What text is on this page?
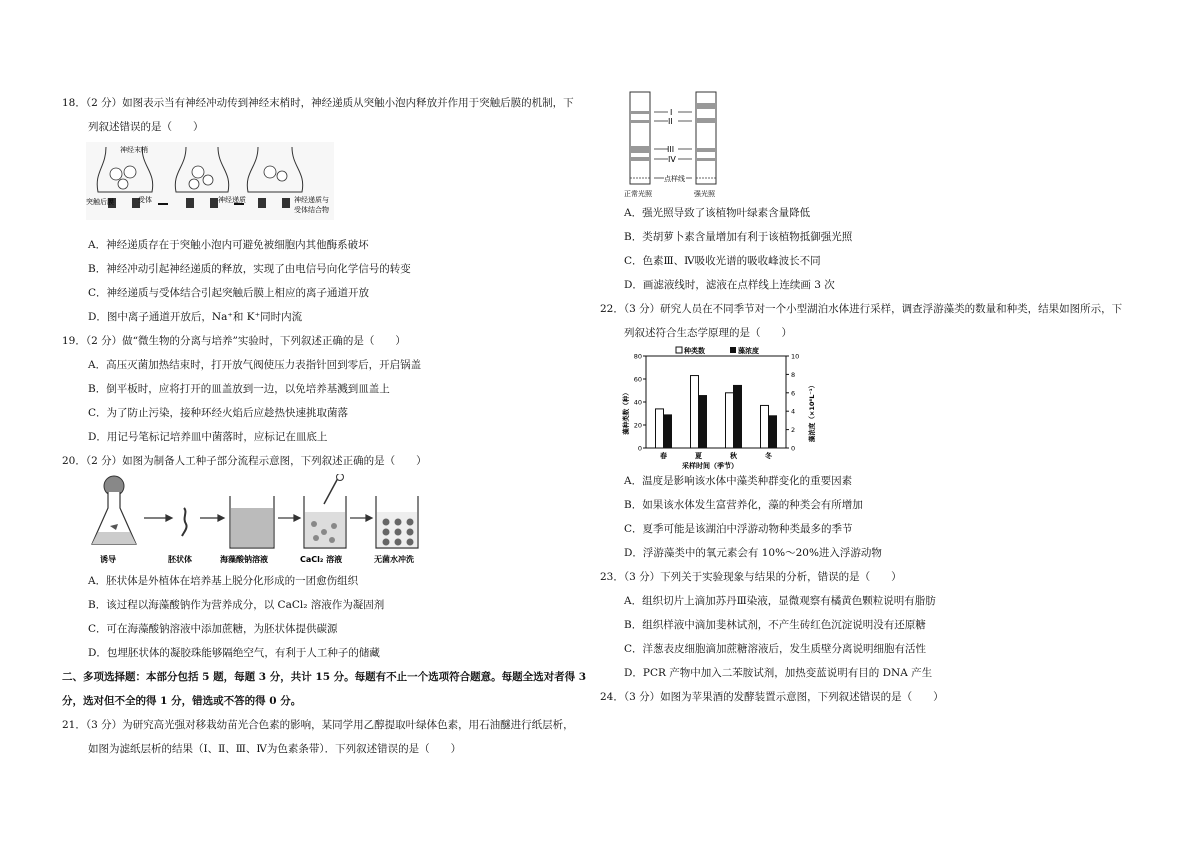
18．（2 分）如图表示当有神经冲动传到神经末梢时，神经递质从突触小泡内释放并作用于突触后膜的机制，下
列叙述错误的是（　　）
神经末梢
突触后膜	受体	神经递质	神经递质与
受体结合物
A．神经递质存在于突触小泡内可避免被细胞内其他酶系破坏
B．神经冲动引起神经递质的释放，实现了由电信号向化学信号的转变
C．神经递质与受体结合引起突触后膜上相应的离子通道开放
D．图中离子通道开放后，Na⁺和 K⁺同时内流
19．（2 分）做“微生物的分离与培养”实验时，下列叙述正确的是（　　）
A．高压灭菌加热结束时，打开放气阀使压力表指针回到零后，开启锅盖
B．倒平板时，应将打开的皿盖放到一边，以免培养基溅到皿盖上
C．为了防止污染，接种环经火焰后应趁热快速挑取菌落
D．用记号笔标记培养皿中菌落时，应标记在皿底上
20．（2 分）如图为制备人工种子部分流程示意图，下列叙述正确的是（　　）
诱导	胚状体	海藻酸钠溶液	CaCl₂ 溶液	无菌水冲洗
A．胚状体是外植体在培养基上脱分化形成的一团愈伤组织
B．该过程以海藻酸钠作为营养成分，以 CaCl₂ 溶液作为凝固剂
C．可在海藻酸钠溶液中添加蔗糖，为胚状体提供碳源
D．包埋胚状体的凝胶珠能够隔绝空气，有利于人工种子的储藏
二、多项选择题：本部分包括 5 题，每题 3 分，共计 15 分。每题有不止一个选项符合题意。每题全选对者得 3
分，选对但不全的得 1 分，错选或不答的得 0 分。
21．（3 分）为研究高光强对移栽幼苗光合色素的影响，某同学用乙醇提取叶绿体色素，用石油醚进行纸层析，
如图为滤纸层析的结果（Ⅰ、Ⅱ、Ⅲ、Ⅳ为色素条带）．下列叙述错误的是（　　）
I
II
III
IV
点样线
正常光照	强光照
A．强光照导致了该植物叶绿素含量降低
B．类胡萝卜素含量增加有利于该植物抵御强光照
C．色素Ⅲ、Ⅳ吸收光谱的吸收峰波长不同
D．画滤液线时，滤液在点样线上连续画 3 次
22．（3 分）研究人员在不同季节对一个小型湖泊水体进行采样，调查浮游藻类的数量和种类，结果如图所示，下
列叙述符合生态学原理的是（　　）
0
20
40
60
80
0
2
4
6
8
10
春	夏	秋	冬
种类数	藻浓度
采样时间（季节）
藻种类数（种）	藻浓度（×10⁶L⁻¹）
A．温度是影响该水体中藻类种群变化的重要因素
B．如果该水体发生富营养化，藻的种类会有所增加
C．夏季可能是该湖泊中浮游动物种类最多的季节
D．浮游藻类中的氧元素会有 10%～20%进入浮游动物
23．（3 分）下列关于实验现象与结果的分析，错误的是（　　）
A．组织切片上滴加苏丹Ⅲ染液，显微观察有橘黄色颗粒说明有脂肪
B．组织样液中滴加斐林试剂，不产生砖红色沉淀说明没有还原糖
C．洋葱表皮细胞滴加蔗糖溶液后，发生质壁分离说明细胞有活性
D．PCR 产物中加入二苯胺试剂，加热变蓝说明有目的 DNA 产生
24．（3 分）如图为苹果酒的发酵装置示意图，下列叙述错误的是（　　）
